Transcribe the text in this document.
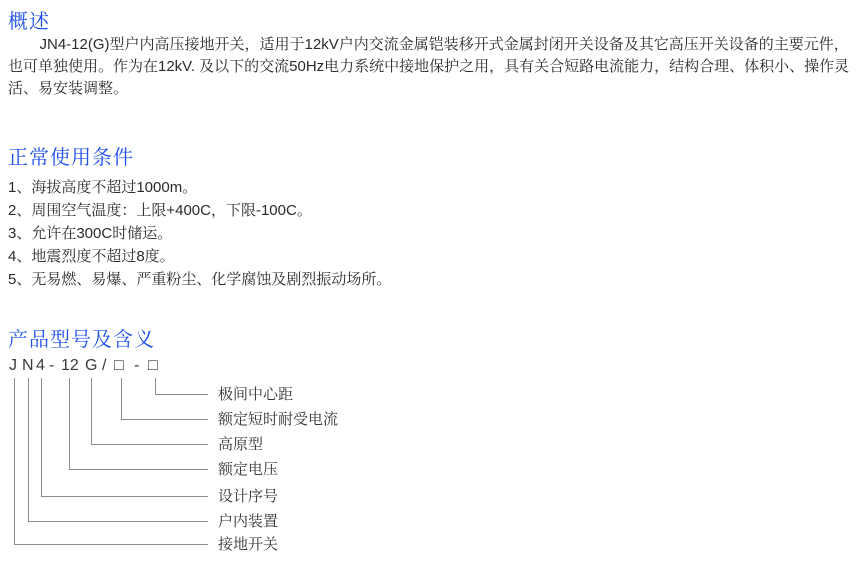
概述

JN4-12(G)型户内高压接地开关，适用于12kV户内交流金属铠装移开式金属封闭开关设备及其它高压开关设备的主要元件，也可单独使用。作为在12kV. 及以下的交流50Hz电力系统中接地保护之用，具有关合短路电流能力，结构合理、体积小、操作灵活、易安装调整。

正常使用条件
1、海拔高度不超过1000m。
2、周围空气温度：上限+400C，下限-100C。
3、允许在300C时储运。
4、地震烈度不超过8度。
5、无易燃、易爆、严重粉尘、化学腐蚀及剧烈振动场所。
产品型号及含义
J N 4 - 12 G / □ - □
极间中心距
额定短时耐受电流
高原型
额定电压
设计序号
户内装置
接地开关
